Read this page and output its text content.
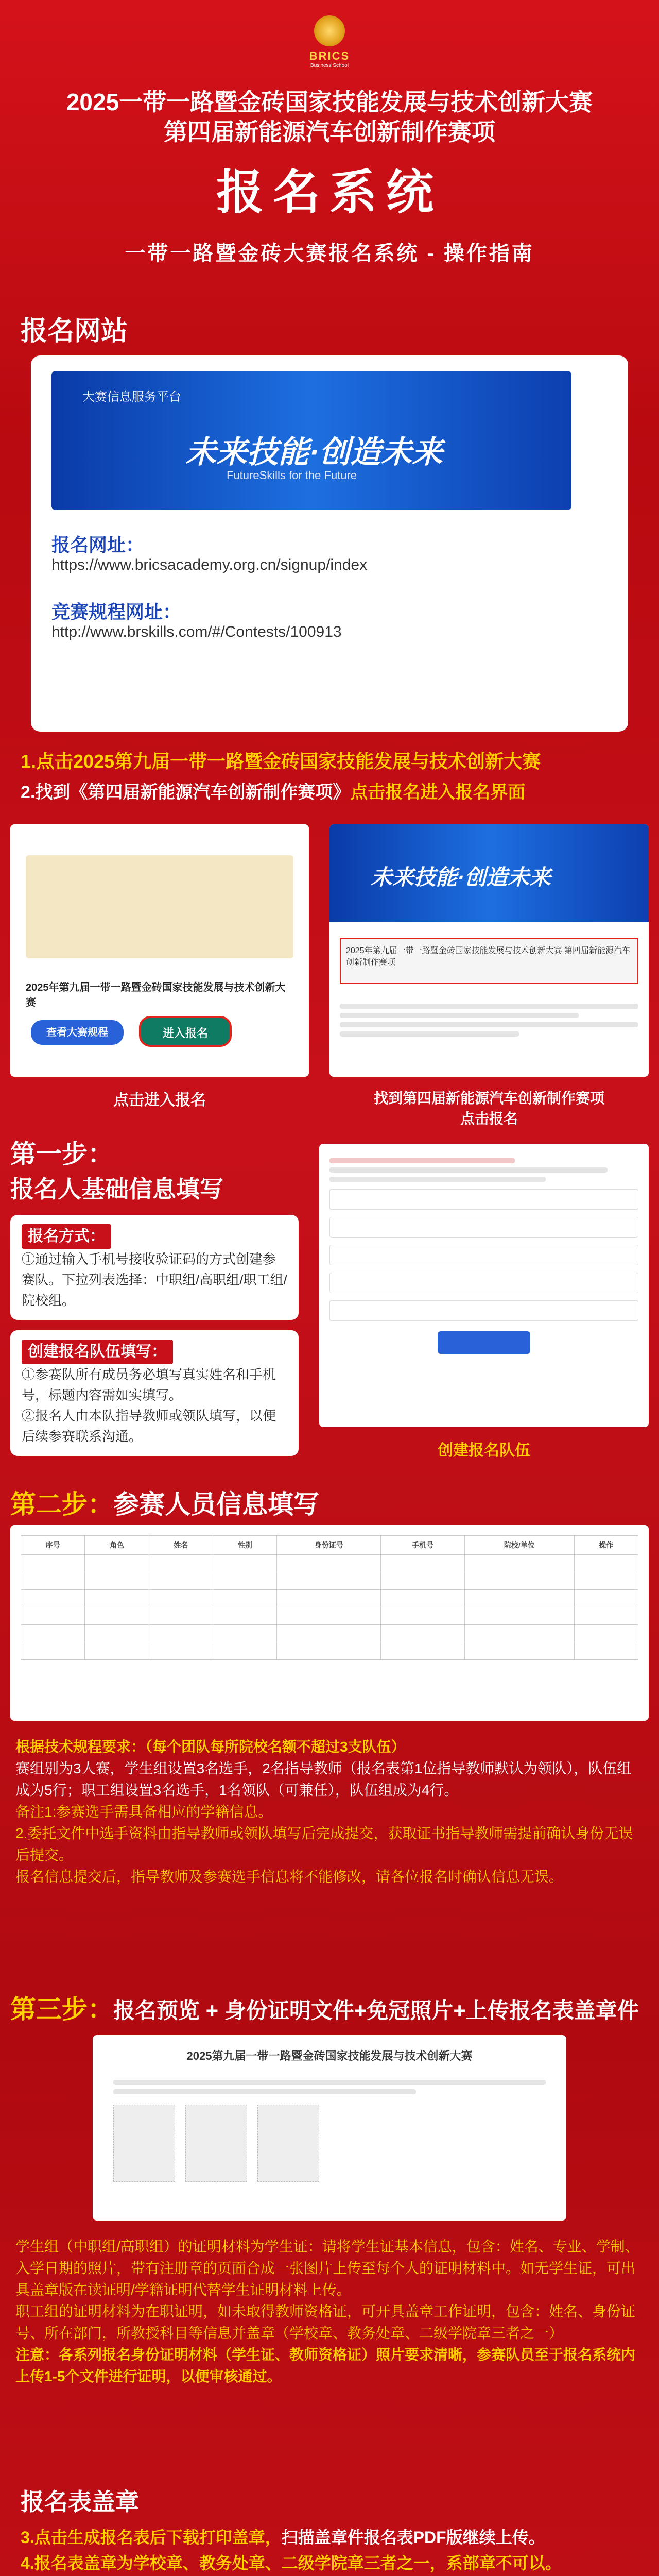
BRICS
Business School
2025一带一路暨金砖国家技能发展与技术创新大赛
第四届新能源汽车创新制作赛项
报名系统
一带一路暨金砖大赛报名系统 - 操作指南
报名网站
大赛信息服务平台
未来技能·创造未来
FutureSkills for the Future
报名网址：
https://www.bricsacademy.org.cn/signup/index
竞赛规程网址：
http://www.brskills.com/#/Contests/100913
1.点击2025第九届一带一路暨金砖国家技能发展与技术创新大赛
2.找到《第四届新能源汽车创新制作赛项》点击报名进入报名界面
2025年第九届一带一路暨金砖国家技能发展与技术创新大赛
查看大赛规程	进入报名
未来技能·创造未来
2025年第九届一带一路暨金砖国家技能发展与技术创新大赛 第四届新能源汽车创新制作赛项
点击进入报名	找到第四届新能源汽车创新制作赛项
点击报名
第一步：
报名人基础信息填写
报名方式：
①通过输入手机号接收验证码的方式创建参赛队。下拉列表选择：中职组/高职组/职工组/院校组。
创建报名队伍填写：
①参赛队所有成员务必填写真实姓名和手机号，标题内容需如实填写。
②报名人由本队指导教师或领队填写，以便后续参赛联系沟通。
创建报名队伍
第二步：参赛人员信息填写
序号	角色	姓名	性别	身份证号	手机号	院校/单位	操作

根据技术规程要求：（每个团队每所院校名额不超过3支队伍）
赛组别为3人赛，学生组设置3名选手，2名指导教师（报名表第1位指导教师默认为领队），队伍组成为5行；职工组设置3名选手，1名领队（可兼任），队伍组成为4行。
备注1:参赛选手需具备相应的学籍信息。
2.委托文件中选手资料由指导教师或领队填写后完成提交，获取证书指导教师需提前确认身份无误后提交。
报名信息提交后，指导教师及参赛选手信息将不能修改，请各位报名时确认信息无误。
第三步：报名预览 + 身份证明文件+免冠照片+上传报名表盖章件
2025第九届一带一路暨金砖国家技能发展与技术创新大赛
学生组（中职组/高职组）的证明材料为学生证：请将学生证基本信息，包含：姓名、专业、学制、入学日期的照片，带有注册章的页面合成一张图片上传至每个人的证明材料中。如无学生证，可出具盖章版在读证明/学籍证明代替学生证明材料上传。
职工组的证明材料为在职证明，如未取得教师资格证，可开具盖章工作证明，包含：姓名、身份证号、所在部门，所教授科目等信息并盖章（学校章、教务处章、二级学院章三者之一）
注意：各系列报名身份证明材料（学生证、教师资格证）照片要求清晰，参赛队员至于报名系统内上传1-5个文件进行证明，以便审核通过。
报名表盖章
3.点击生成报名表后下载打印盖章，扫描盖章件报名表PDF版继续上传。
4.报名表盖章为学校章、教务处章、二级学院章三者之一，系部章不可以。
